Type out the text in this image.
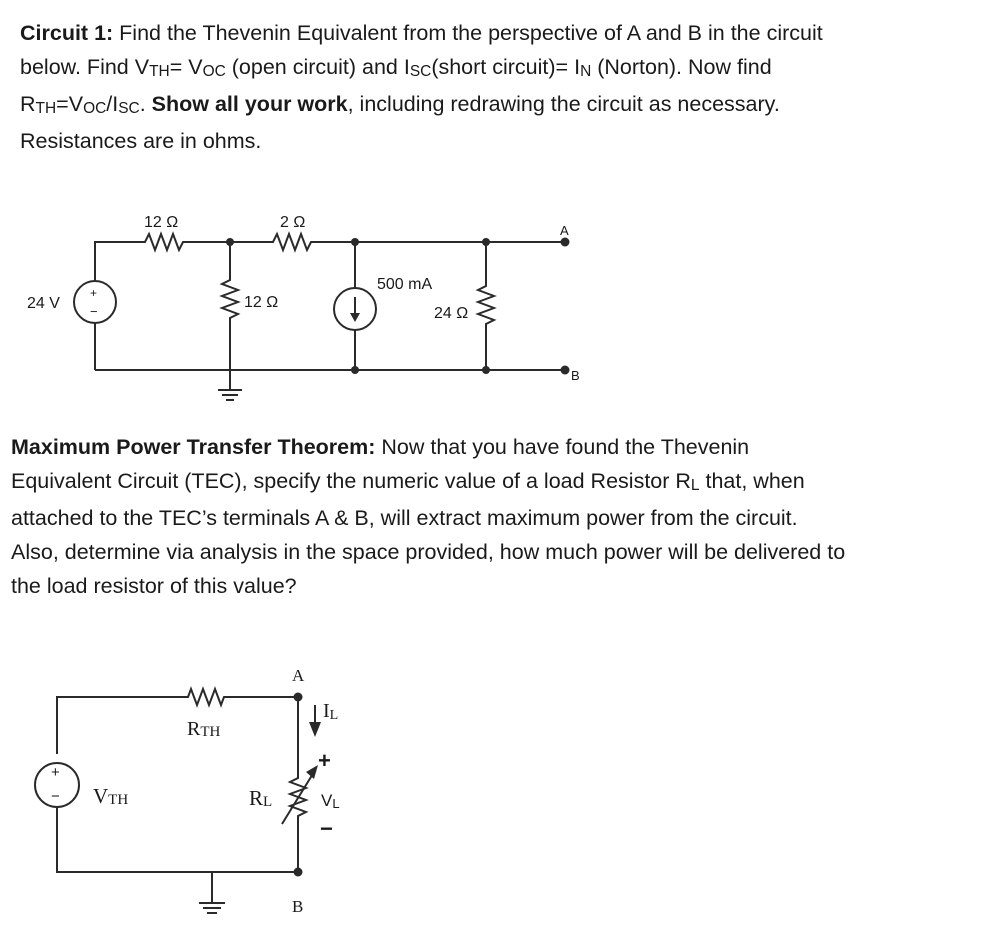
Circuit 1: Find the Thevenin Equivalent from the perspective of A and B in the circuit
below. Find VTH= VOC (open circuit) and ISC(short circuit)= IN (Norton). Now find
RTH=VOC/ISC. Show all your work, including redrawing the circuit as necessary.
Resistances are in ohms.
Maximum Power Transfer Theorem: Now that you have found the Thevenin
Equivalent Circuit (TEC), specify the numeric value of a load Resistor RL that, when
attached to the TEC’s terminals A & B, will extract maximum power from the circuit.
Also, determine via analysis in the space provided, how much power will be delivered to
the load resistor of this value?
12 Ω	2 Ω
12 Ω
500 mA
24 Ω
24 V
A
B
+
−
A
B
RTH
VTH	RL
IL
VL
+
−
+
−
